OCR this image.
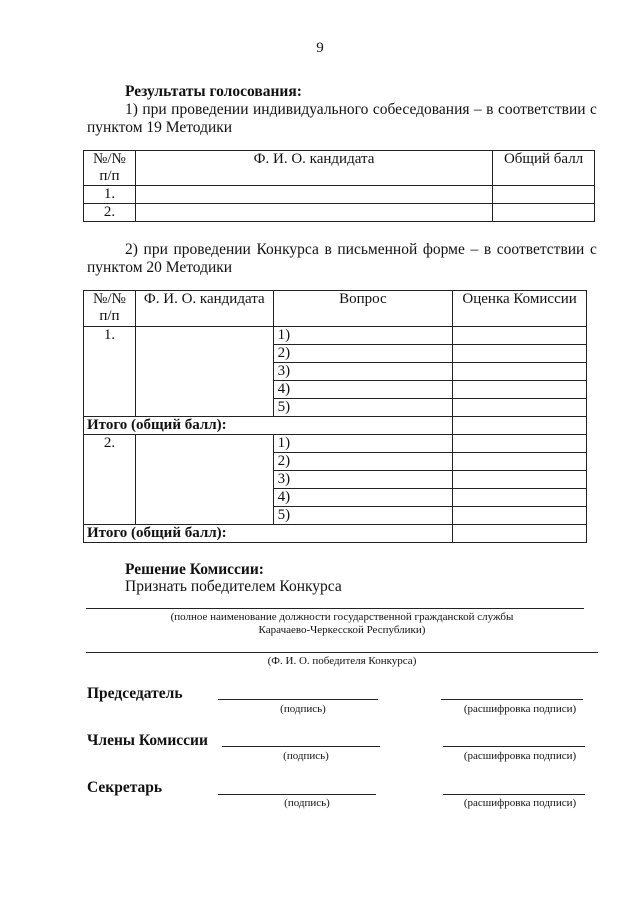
9
Результаты голосования:
1) при проведении индивидуального собеседования – в соответствии с
пунктом 19 Методики
№/№
п/п	Ф. И. О. кандидата	Общий балл
1.		
2.		
2) при проведении Конкурса в письменной форме – в соответствии с
пунктом 20 Методики
№/№
п/п	Ф. И. О. кандидата	Вопрос	Оценка Комиссии
1.		1)	
		2)	
		3)	
		4)	
		5)	
Итого (общий балл):			
2.		1)	
		2)	
		3)	
		4)	
		5)	
Итого (общий балл):			
Решение Комиссии:
Признать победителем Конкурса
(полное наименование должности государственной гражданской службы
Карачаево-Черкесской Республики)
(Ф. И. О. победителя Конкурса)
Председатель
(подпись)	(расшифровка подписи)
Члены Комиссии
(подпись)	(расшифровка подписи)
Секретарь
(подпись)	(расшифровка подписи)
